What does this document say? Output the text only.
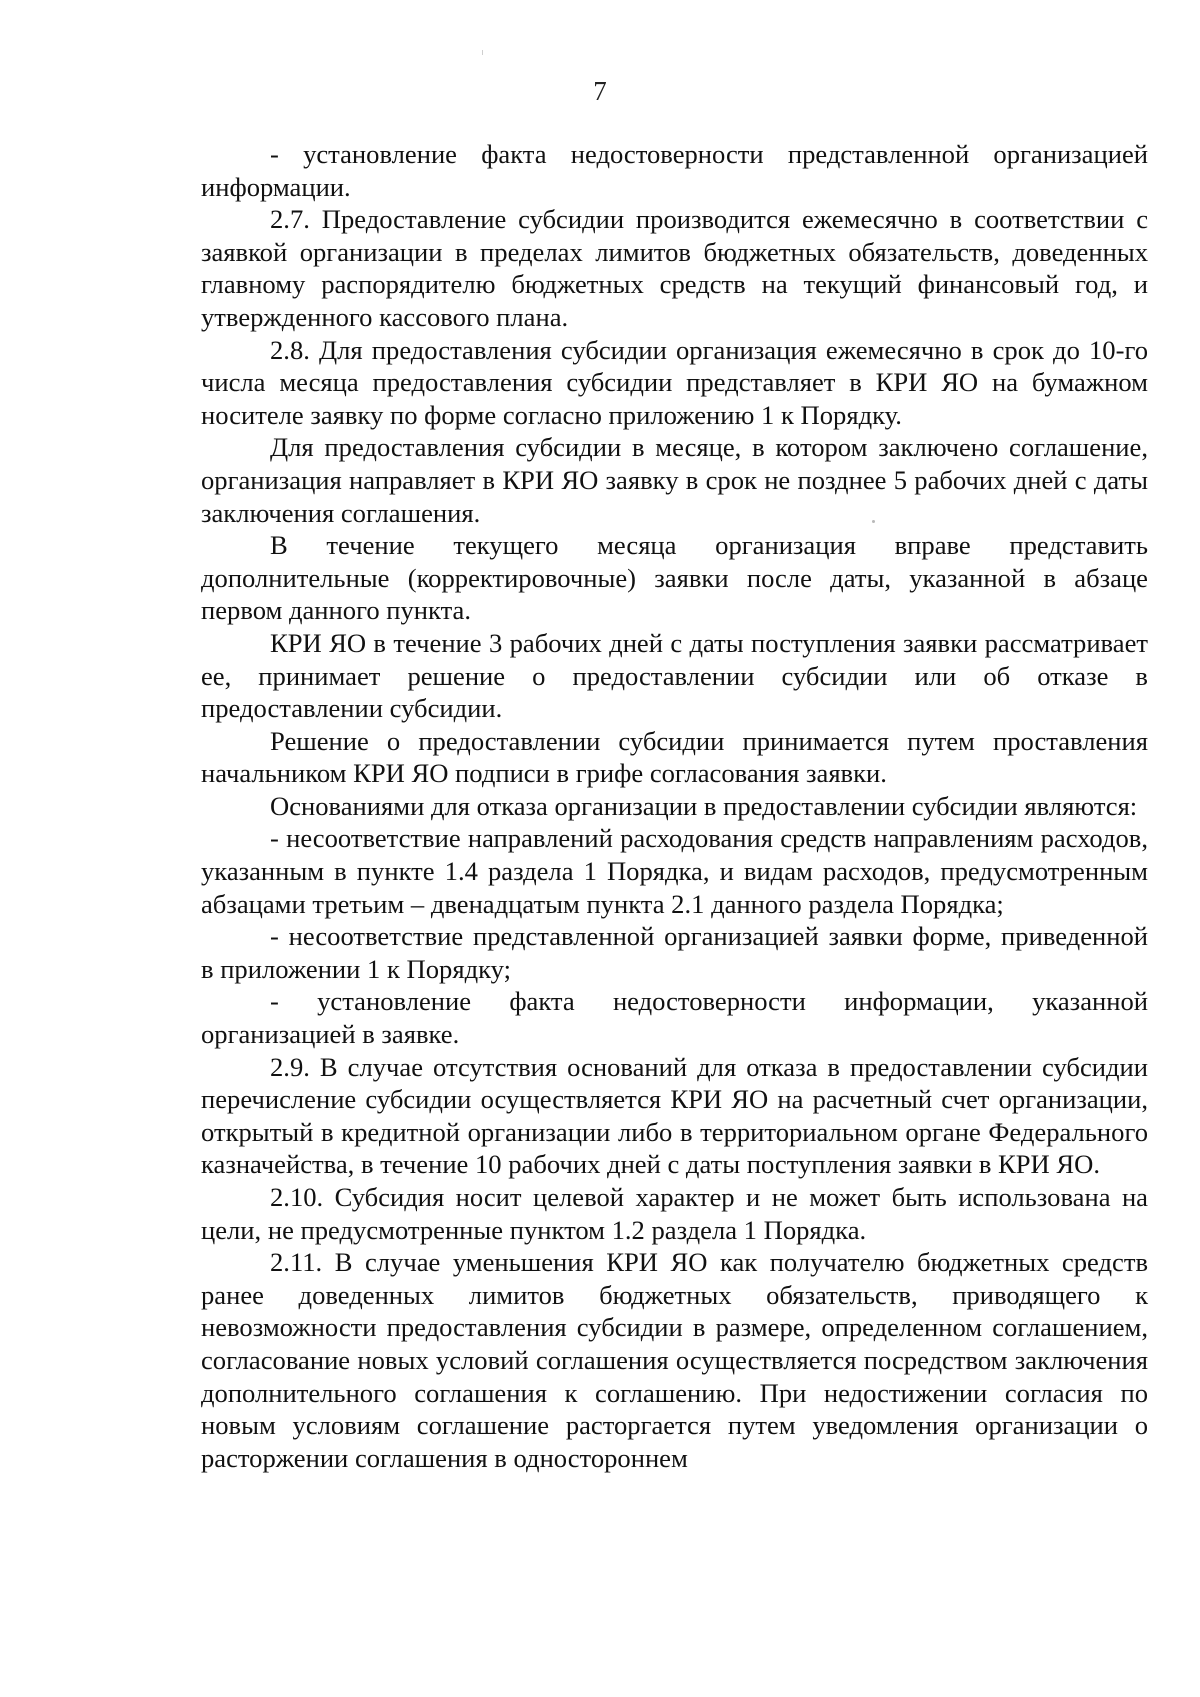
7

- установление факта недостоверности представленной организацией информации.

2.7. Предоставление субсидии производится ежемесячно в соответствии с заявкой организации в пределах лимитов бюджетных обязательств, доведенных главному распорядителю бюджетных средств на текущий финансовый год, и утвержденного кассового плана.

2.8. Для предоставления субсидии организация ежемесячно в срок до 10-го числа месяца предоставления субсидии представляет в КРИ ЯО на бумажном носителе заявку по форме согласно приложению 1 к Порядку.

Для предоставления субсидии в месяце, в котором заключено соглашение, организация направляет в КРИ ЯО заявку в срок не позднее 5 рабочих дней с даты заключения соглашения.

В течение текущего месяца организация вправе представить дополнительные (корректировочные) заявки после даты, указанной в абзаце первом данного пункта.

КРИ ЯО в течение 3 рабочих дней с даты поступления заявки рассматривает ее, принимает решение о предоставлении субсидии или об отказе в предоставлении субсидии.

Решение о предоставлении субсидии принимается путем проставления начальником КРИ ЯО подписи в грифе согласования заявки.

Основаниями для отказа организации в предоставлении субсидии являются:

- несоответствие направлений расходования средств направлениям расходов, указанным в пункте 1.4 раздела 1 Порядка, и видам расходов, предусмотренным абзацами третьим – двенадцатым пункта 2.1 данного раздела Порядка;

- несоответствие представленной организацией заявки форме, приведенной в приложении 1 к Порядку;

- установление факта недостоверности информации, указанной организацией в заявке.

2.9. В случае отсутствия оснований для отказа в предоставлении субсидии перечисление субсидии осуществляется КРИ ЯО на расчетный счет организации, открытый в кредитной организации либо в территориальном органе Федерального казначейства, в течение 10 рабочих дней с даты поступления заявки в КРИ ЯО.

2.10. Субсидия носит целевой характер и не может быть использована на цели, не предусмотренные пунктом 1.2 раздела 1 Порядка.

2.11. В случае уменьшения КРИ ЯО как получателю бюджетных средств ранее доведенных лимитов бюджетных обязательств, приводящего к невозможности предоставления субсидии в размере, определенном соглашением, согласование новых условий соглашения осуществляется посредством заключения дополнительного соглашения к соглашению. При недостижении согласия по новым условиям соглашение расторгается путем уведомления организации о расторжении соглашения в одностороннем
